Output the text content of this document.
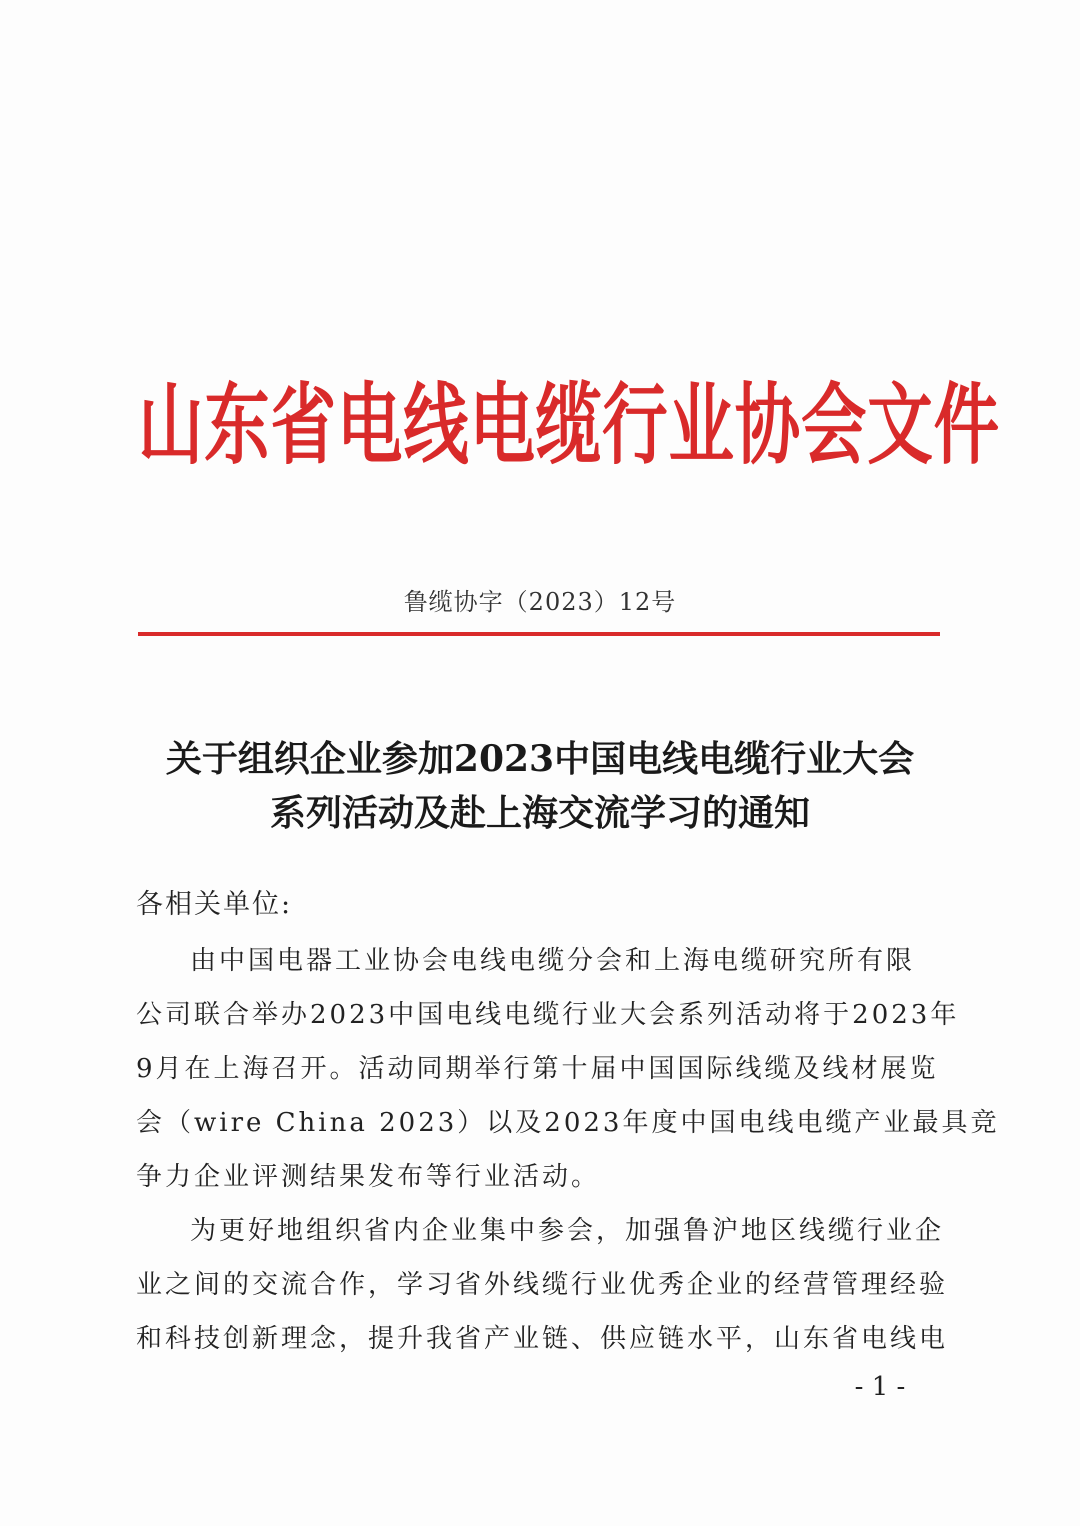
山东省电线电缆行业协会文件
鲁缆协字（2023）12号
关于组织企业参加2023中国电线电缆行业大会
系列活动及赴上海交流学习的通知
各相关单位:
由中国电器工业协会电线电缆分会和上海电缆研究所有限
公司联合举办2023中国电线电缆行业大会系列活动将于2023年
9月在上海召开。活动同期举行第十届中国国际线缆及线材展览
会（wire China 2023）以及2023年度中国电线电缆产业最具竞
争力企业评测结果发布等行业活动。
为更好地组织省内企业集中参会，加强鲁沪地区线缆行业企
业之间的交流合作，学习省外线缆行业优秀企业的经营管理经验
和科技创新理念，提升我省产业链、供应链水平，山东省电线电
- 1 -
